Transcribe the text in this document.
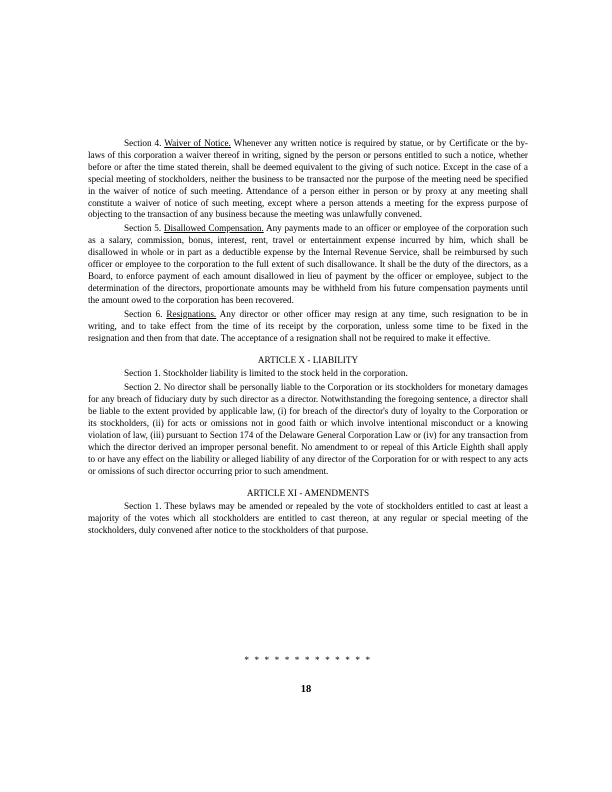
Section 4. Waiver of Notice. Whenever any written notice is required by statue, or by Certificate or the by-laws of this corporation a waiver thereof in writing, signed by the person or persons entitled to such a notice, whether before or after the time stated therein, shall be deemed equivalent to the giving of such notice. Except in the case of a special meeting of stockholders, neither the business to be transacted nor the purpose of the meeting need be specified in the waiver of notice of such meeting. Attendance of a person either in person or by proxy at any meeting shall constitute a waiver of notice of such meeting, except where a person attends a meeting for the express purpose of objecting to the transaction of any business because the meeting was unlawfully convened.

Section 5. Disallowed Compensation. Any payments made to an officer or employee of the corporation such as a salary, commission, bonus, interest, rent, travel or entertainment expense incurred by him, which shall be disallowed in whole or in part as a deductible expense by the Internal Revenue Service, shall be reimbursed by such officer or employee to the corporation to the full extent of such disallowance. It shall be the duty of the directors, as a Board, to enforce payment of each amount disallowed in lieu of payment by the officer or employee, subject to the determination of the directors, proportionate amounts may be withheld from his future compensation payments until the amount owed to the corporation has been recovered.

Section 6. Resignations. Any director or other officer may resign at any time, such resignation to be in writing, and to take effect from the time of its receipt by the corporation, unless some time to be fixed in the resignation and then from that date. The acceptance of a resignation shall not be required to make it effective.

ARTICLE X - LIABILITY

Section 1. Stockholder liability is limited to the stock held in the corporation.

Section 2. No director shall be personally liable to the Corporation or its stockholders for monetary damages for any breach of fiduciary duty by such director as a director. Notwithstanding the foregoing sentence, a director shall be liable to the extent provided by applicable law, (i) for breach of the director's duty of loyalty to the Corporation or its stockholders, (ii) for acts or omissions not in good faith or which involve intentional misconduct or a knowing violation of law, (iii) pursuant to Section 174 of the Delaware General Corporation Law or (iv) for any transaction from which the director derived an improper personal benefit. No amendment to or repeal of this Article Eighth shall apply to or have any effect on the liability or alleged liability of any director of the Corporation for or with respect to any acts or omissions of such director occurring prior to such amendment.

ARTICLE XI - AMENDMENTS

Section 1. These bylaws may be amended or repealed by the vote of stockholders entitled to cast at least a majority of the votes which all stockholders are entitled to cast thereon, at any regular or special meeting of the stockholders, duly convened after notice to the stockholders of that purpose.

* * * * * * * * * * * * *
18
